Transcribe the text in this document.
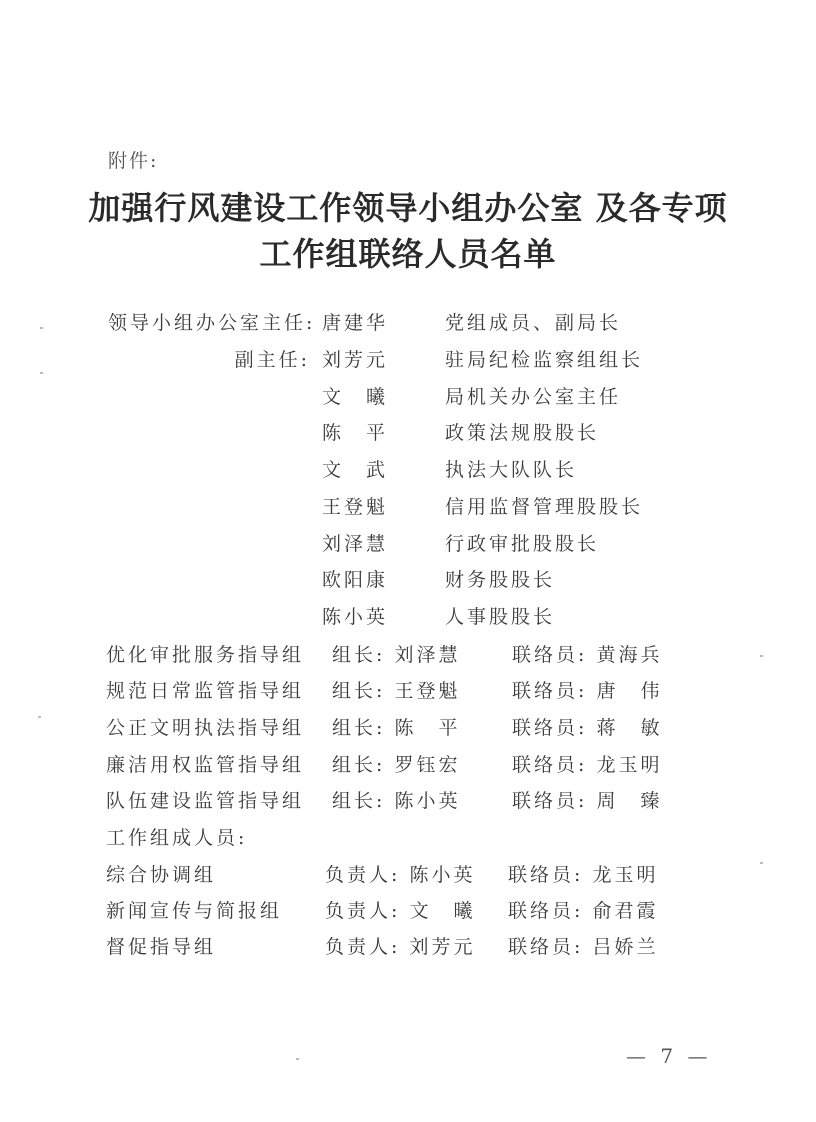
附件:
加强行风建设工作领导小组办公室 及各专项
工作组联络人员名单
领导小组办公室主任: 唐建华	党组成员、副局长
副主任: 刘芳元	驻局纪检监察组组长
文　曦	局机关办公室主任
陈　平	政策法规股股长
文　武	执法大队队长
王登魁	信用监督管理股股长
刘泽慧	行政审批股股长
欧阳康	财务股股长
陈小英	人事股股长
优化审批服务指导组 组长: 刘泽慧	联络员: 黄海兵
规范日常监管指导组 组长: 王登魁	联络员: 唐　伟
公正文明执法指导组 组长: 陈　平	联络员: 蒋　敏
廉洁用权监管指导组 组长: 罗钰宏	联络员: 龙玉明
队伍建设监管指导组 组长: 陈小英	联络员: 周　臻
工作组成人员:
综合协调组	负责人: 陈小英 联络员: 龙玉明
新闻宣传与简报组 负责人: 文　曦 联络员: 俞君霞
督促指导组	负责人: 刘芳元 联络员: 吕娇兰
— 7 —
